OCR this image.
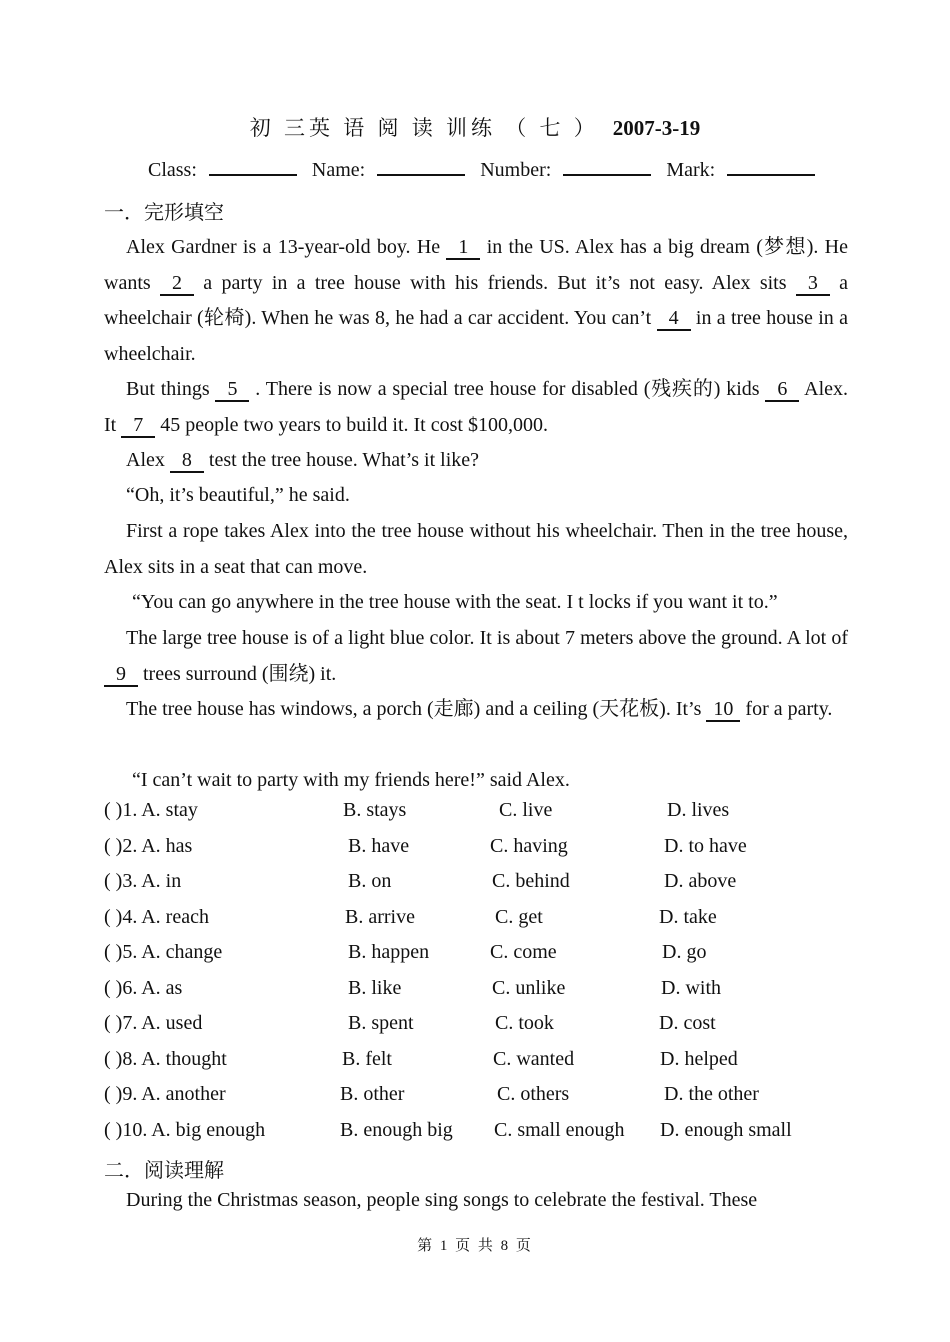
初 三英 语 阅 读 训练 （ 七 ） 2007-3-19
Class:	Name:	Number:	Mark:
一．完形填空
Alex Gardner is a 13-year-old boy. He 1 in the US. Alex has a big dream (梦想). He wants 2 a party in a tree house with his friends. But it’s not easy. Alex sits 3 a wheelchair (轮椅). When he was 8, he had a car accident. You can’t 4 in a tree house in a wheelchair.
But things 5 . There is now a special tree house for disabled (残疾的) kids 6 Alex. It 7 45 people two years to build it. It cost $100,000.
Alex 8 test the tree house. What’s it like?
“Oh, it’s beautiful,” he said.
First a rope takes Alex into the tree house without his wheelchair. Then in the tree house, Alex sits in a seat that can move.
“You can go anywhere in the tree house with the seat. I t locks if you want it to.”
The large tree house is of a light blue color. It is about 7 meters above the ground. A lot of 9 trees surround (围绕) it.
The tree house has windows, a porch (走廊) and a ceiling (天花板). It’s 10 for a party.
“I can’t wait to party with my friends here!” said Alex.
( )1. A. stay	B. stays	C. live	D. lives
( )2. A. has	B. have	C. having	D. to have
( )3. A. in	B. on	C. behind	D. above
( )4. A. reach	B. arrive	C. get	D. take
( )5. A. change	B. happen	C. come	D. go
( )6. A. as	B. like	C. unlike	D. with
( )7. A. used	B. spent	C. took	D. cost
( )8. A. thought	B. felt	C. wanted	D. helped
( )9. A. another	B. other	C. others	D. the other
( )10. A. big enough	B. enough big C. small enough D. enough small
二．阅读理解
During the Christmas season, people sing songs to celebrate the festival. These
第 1 页 共 8 页
